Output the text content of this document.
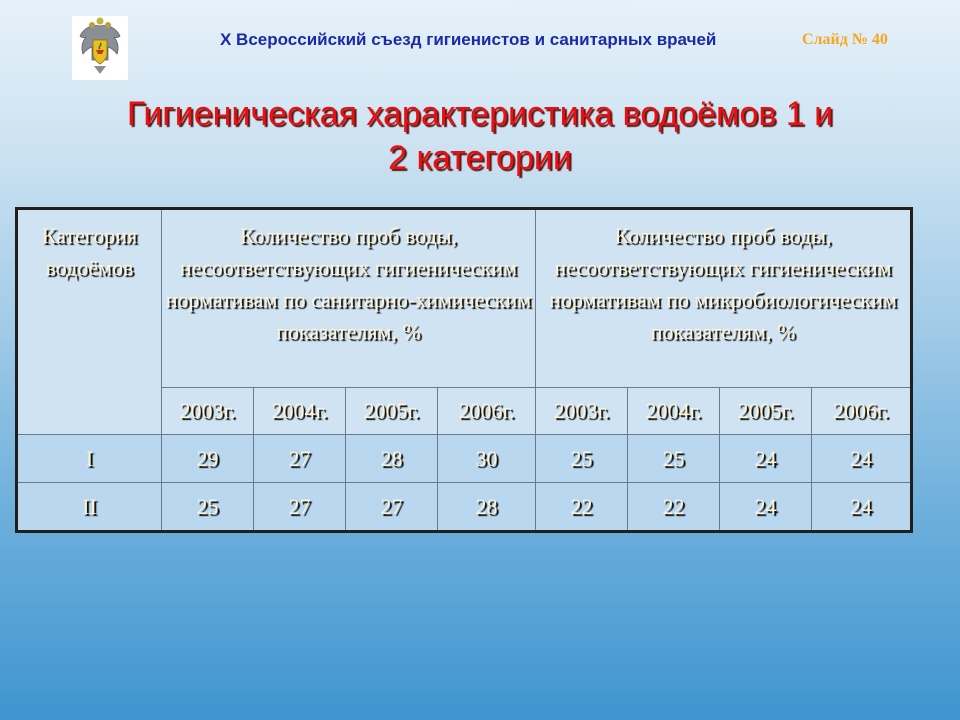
X Всероссийский съезд гигиенистов и санитарных врачей	Слайд № 40
Гигиеническая характеристика водоёмов 1 и
2 категории
Категория водоёмов	Количество проб воды, несоответствующих гигиеническим нормативам по санитарно-химическим показателям, %				Количество проб воды, несоответствующих гигиеническим нормативам по микробиологическим показателям, %			
	2003г.	2004г.	2005г.	2006г.	2003г.	2004г.	2005г.	2006г.
I	29	27	28	30	25	25	24	24
II	25	27	27	28	22	22	24	24
